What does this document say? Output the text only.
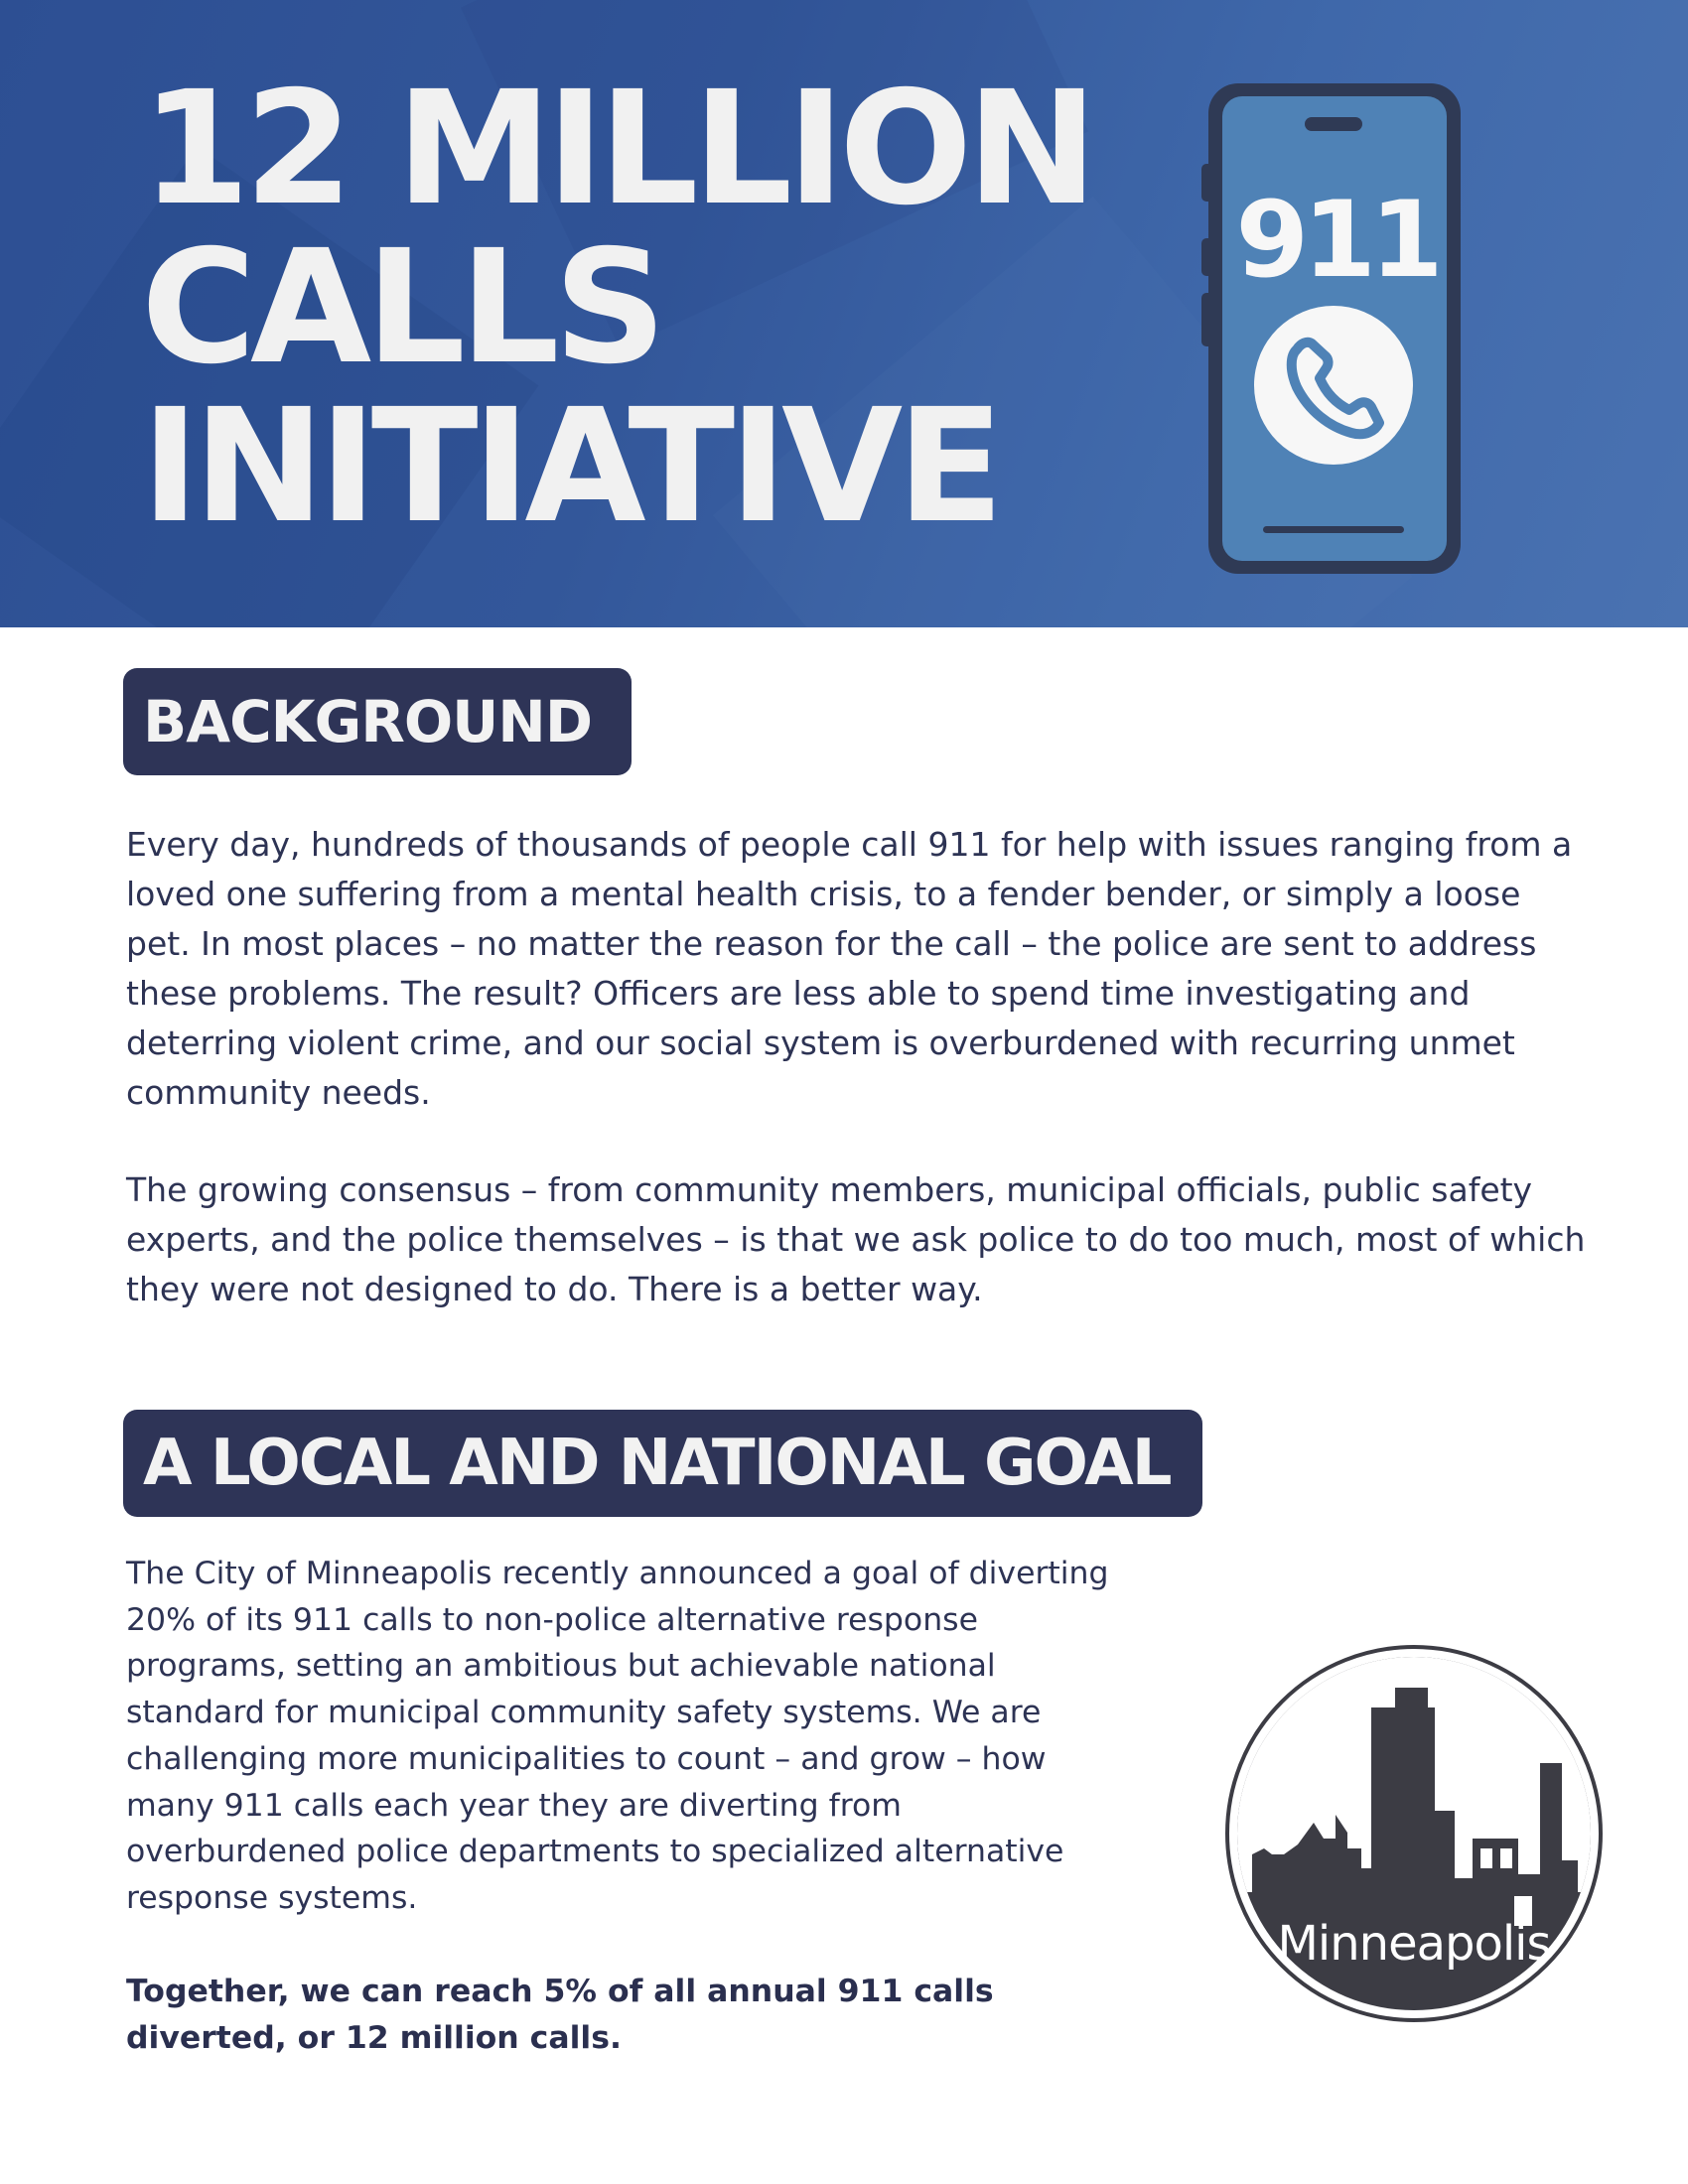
12 MILLION
CALLS
INITIATIVE
911
BACKGROUND

Every day, hundreds of thousands of people call 911 for help with issues ranging from a loved one suffering from a mental health crisis, to a fender bender, or simply a loose pet. In most places – no matter the reason for the call – the police are sent to address these problems. The result? Officers are less able to spend time investigating and deterring violent crime, and our social system is overburdened with recurring unmet community needs.

The growing consensus – from community members, municipal officials, public safety experts, and the police themselves – is that we ask police to do too much, most of which they were not designed to do. There is a better way.

A LOCAL AND NATIONAL GOAL

The City of Minneapolis recently announced a goal of diverting 20% of its 911 calls to non-police alternative response programs, setting an ambitious but achievable national standard for municipal community safety systems. We are challenging more municipalities to count – and grow – how many 911 calls each year they are diverting from overburdened police departments to specialized alternative response systems.

Together, we can reach 5% of all annual 911 calls diverted, or 12 million calls.

Minneapolis
